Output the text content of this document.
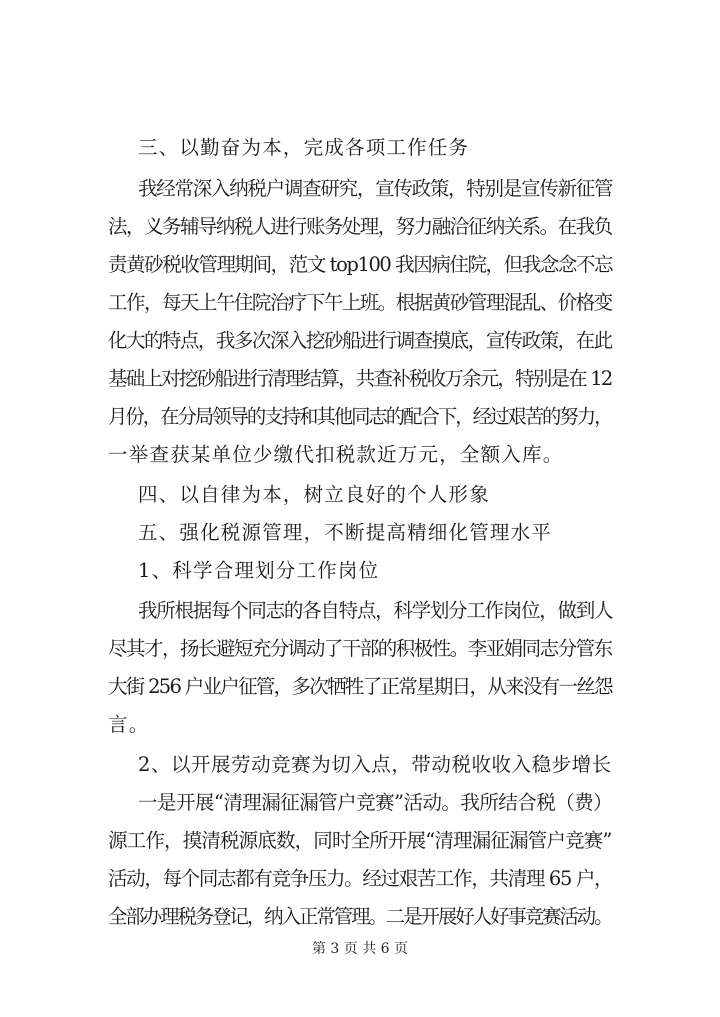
三、以勤奋为本，完成各项工作任务
我经常深入纳税户调查研究，宣传政策，特别是宣传新征管
法，义务辅导纳税人进行账务处理，努力融洽征纳关系。在我负
责黄砂税收管理期间，范文 top100 我因病住院，但我念念不忘
工作，每天上午住院治疗下午上班。根据黄砂管理混乱、价格变
化大的特点，我多次深入挖砂船进行调查摸底，宣传政策，在此
基础上对挖砂船进行清理结算，共查补税收万余元，特别是在 12
月份，在分局领导的支持和其他同志的配合下，经过艰苦的努力，
一举查获某单位少缴代扣税款近万元，全额入库。
四、以自律为本，树立良好的个人形象
五、强化税源管理，不断提高精细化管理水平
1、科学合理划分工作岗位
我所根据每个同志的各自特点，科学划分工作岗位，做到人
尽其才，扬长避短充分调动了干部的积极性。李亚娟同志分管东
大街 256 户业户征管，多次牺牲了正常星期日，从来没有一丝怨
言。
2、以开展劳动竞赛为切入点，带动税收收入稳步增长
一是开展“清理漏征漏管户竞赛”活动。我所结合税（费）
源工作，摸清税源底数，同时全所开展“清理漏征漏管户竞赛”
活动，每个同志都有竞争压力。经过艰苦工作，共清理 65 户，
全部办理税务登记，纳入正常管理。二是开展好人好事竞赛活动。
第 3 页 共 6 页
